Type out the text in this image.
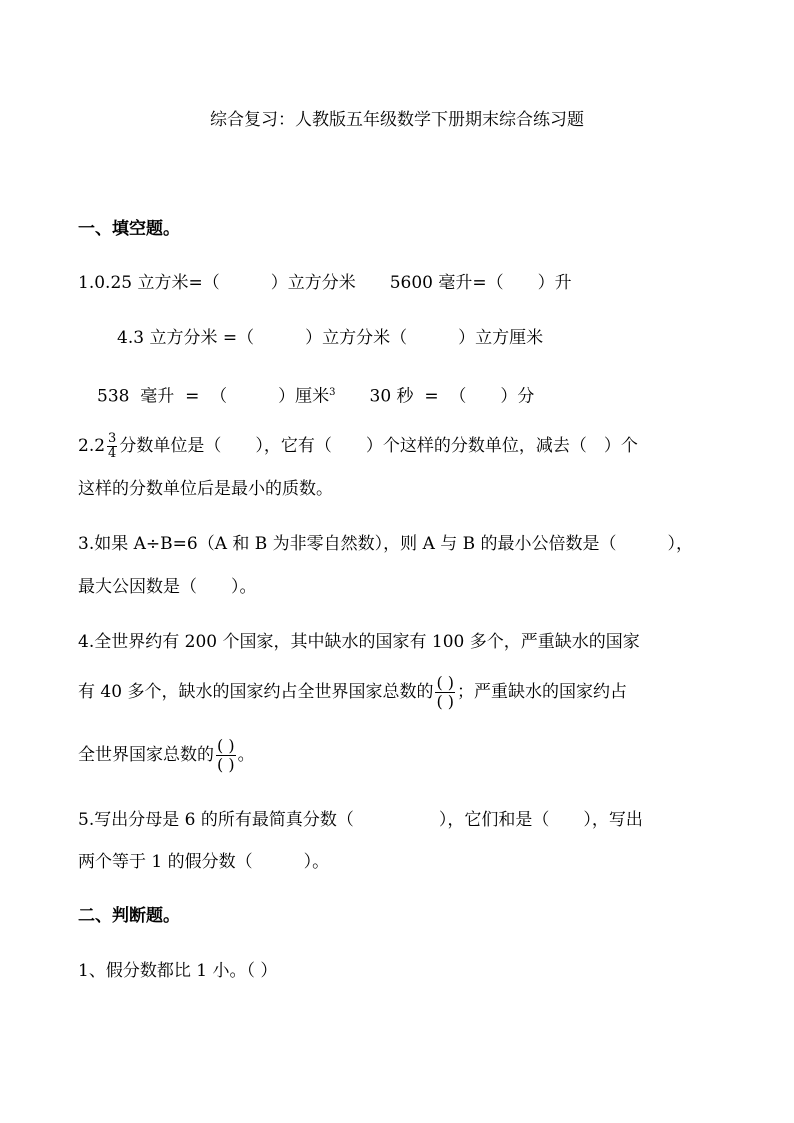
综合复习：人教版五年级数学下册期末综合练习题
一、填空题。
1.0.25 立方米=（　　　）立方分米　　5600 毫升=（　　）升
4.3 立方分米 =（　　　）立方分米（　　　）立方厘米
538  毫升  =  （　　　）厘米$^3$　　30 秒  =  （　　）分
$2.2 \frac{3}{4}$ 分数单位是（　　），它有（　　）个这样的分数单位，减去（　）个
这样的分数单位后是最小的质数。
3.如果 A÷B=6（A 和 B 为非零自然数），则 A 与 B 的最小公倍数是（　　　），
最大公因数是（　　）。
4.全世界约有 200 个国家，其中缺水的国家有 100 多个，严重缺水的国家
有 40 多个，缺水的国家约占全世界国家总数的 $\frac{( )}{( )}$ ；严重缺水的国家约占
全世界国家总数的 $\frac{( )}{( )}$ 。
5.写出分母是 6 的所有最简真分数（　　　　　），它们和是（　　），写出
两个等于 1 的假分数（　　　）。
二、判断题。
1、假分数都比 1 小。（ ）
